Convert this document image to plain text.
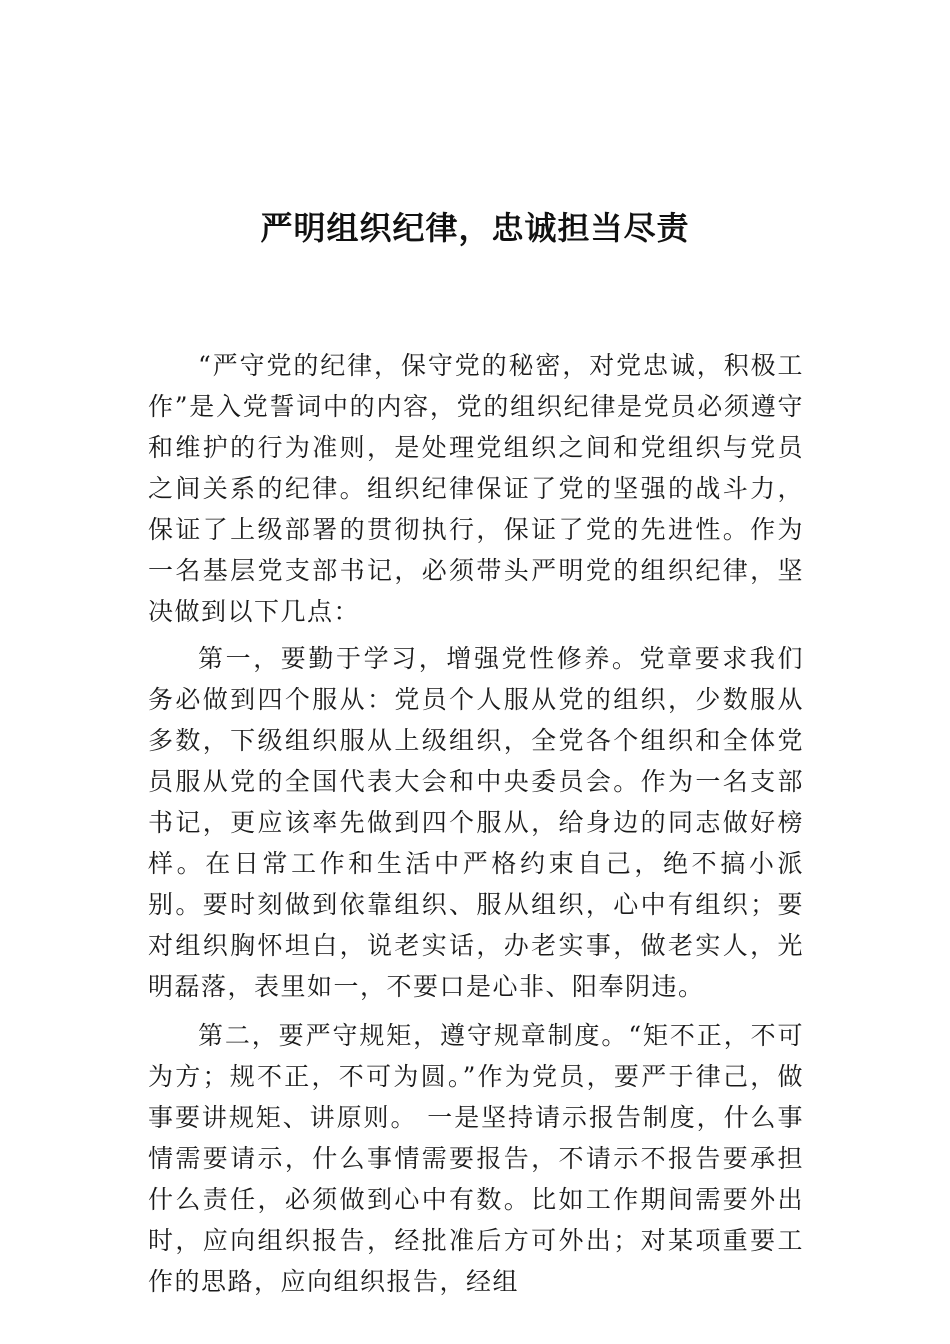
严明组织纪律，忠诚担当尽责

“严守党的纪律，保守党的秘密，对党忠诚，积极工作”是入党誓词中的内容，党的组织纪律是党员必须遵守和维护的行为准则，是处理党组织之间和党组织与党员之间关系的纪律。组织纪律保证了党的坚强的战斗力，保证了上级部署的贯彻执行，保证了党的先进性。作为一名基层党支部书记，必须带头严明党的组织纪律，坚决做到以下几点：

第一，要勤于学习，增强党性修养。党章要求我们务必做到四个服从：党员个人服从党的组织，少数服从多数，下级组织服从上级组织，全党各个组织和全体党员服从党的全国代表大会和中央委员会。作为一名支部书记，更应该率先做到四个服从，给身边的同志做好榜样。在日常工作和生活中严格约束自己，绝不搞小派别。要时刻做到依靠组织、服从组织，心中有组织；要对组织胸怀坦白，说老实话，办老实事，做老实人，光明磊落，表里如一，不要口是心非、阳奉阴违。

第二，要严守规矩，遵守规章制度。“矩不正，不可为方；规不正，不可为圆。”作为党员，要严于律己，做事要讲规矩、讲原则。 一是坚持请示报告制度，什么事情需要请示，什么事情需要报告，不请示不报告要承担什么责任，必须做到心中有数。比如工作期间需要外出时，应向组织报告，经批准后方可外出；对某项重要工作的思路，应向组织报告，经组
